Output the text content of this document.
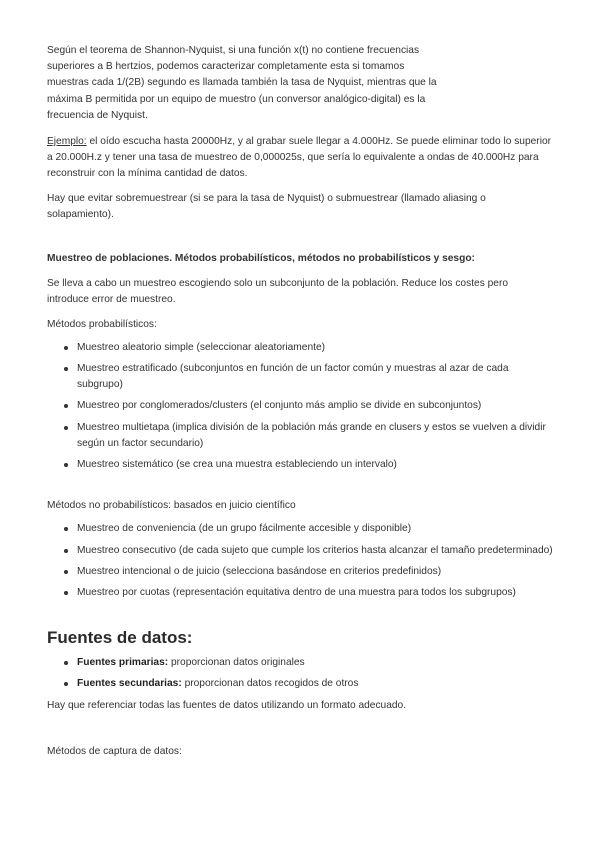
Según el teorema de Shannon-Nyquist, si una función x(t) no contiene frecuencias
superiores a B hertzios, podemos caracterizar completamente esta si tomamos
muestras cada 1/(2B) segundo es llamada también la tasa de Nyquist, mientras que la
máxima B permitida por un equipo de muestro (un conversor analógico-digital) es la
frecuencia de Nyquist.

Ejemplo: el oído escucha hasta 20000Hz, y al grabar suele llegar a 4.000Hz. Se puede eliminar todo lo superior
a 20.000H.z y tener una tasa de muestreo de 0,000025s, que sería lo equivalente a ondas de 40.000Hz para
reconstruir con la mínima cantidad de datos.

Hay que evitar sobremuestrear (si se para la tasa de Nyquist) o submuestrear (llamado aliasing o
solapamiento).

Muestreo de poblaciones. Métodos probabilísticos, métodos no probabilísticos y sesgo:

Se lleva a cabo un muestreo escogiendo solo un subconjunto de la población. Reduce los costes pero
introduce error de muestreo.

Métodos probabilísticos:

Muestreo aleatorio simple (seleccionar aleatoriamente)
Muestreo estratificado (subconjuntos en función de un factor común y muestras al azar de cada subgrupo)
Muestreo por conglomerados/clusters (el conjunto más amplio se divide en subconjuntos)
Muestreo multietapa (implica división de la población más grande en clusers y estos se vuelven a dividir según un factor secundario)
Muestreo sistemático (se crea una muestra estableciendo un intervalo)

Métodos no probabilísticos: basados en juicio científico

Muestreo de conveniencia (de un grupo fácilmente accesible y disponible)
Muestreo consecutivo (de cada sujeto que cumple los criterios hasta alcanzar el tamaño predeterminado)
Muestreo intencional o de juicio (selecciona basándose en criterios predefinidos)
Muestreo por cuotas (representación equitativa dentro de una muestra para todos los subgrupos)

Fuentes de datos:

Fuentes primarias: proporcionan datos originales
Fuentes secundarias: proporcionan datos recogidos de otros

Hay que referenciar todas las fuentes de datos utilizando un formato adecuado.

Métodos de captura de datos:
